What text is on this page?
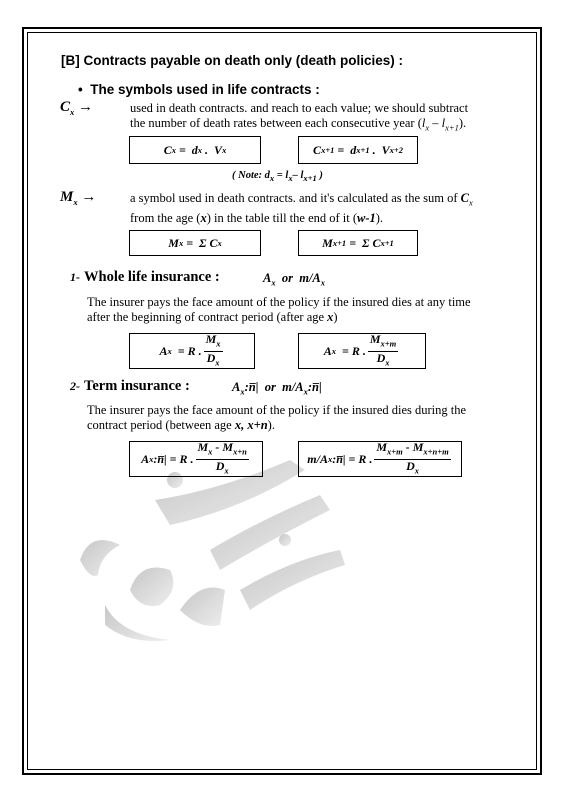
[B] Contracts payable on death only (death policies) :
•  The symbols used in life contracts :
$C_x$ →	used in death contracts. and reach to each value; we should subtract
the number of death rates between each consecutive year $(l_x - l_{x+1})$.
C x =  d x .  V x	C x+1 =  d x+1 .  V x+2
( Note: $d_x = l_x-$ $l_{x+1}$ )
$M_x$ →	a symbol used in death contracts. and it's calculated as the sum of $C_x$
from the age (x) in the table till the end of it (w-1).
M x =  Σ C x	M x+1 =  Σ C x+1
1- Whole life insurance :	$A_x$  or  $m/A_x$
The insurer pays the face amount of the policy if the insured dies at any time
after the beginning of contract period (after age x)
A x = R . $\frac{M_x}{D_x}$	A x = R . $\frac{M_{x+m}}{D_x}$
2- Term insurance :	$A_x:n̅|$  or  $m/A_x:n̅|$
The insurer pays the face amount of the policy if the insured dies during the
contract period (between age x, x+n).
A x :n̅| = R . $\frac{M_x - M_{x+n}}{D_x}$	m/A x :n̅| = R . $\frac{M_{x+m} - M_{x+n+m}}{D_x}$
